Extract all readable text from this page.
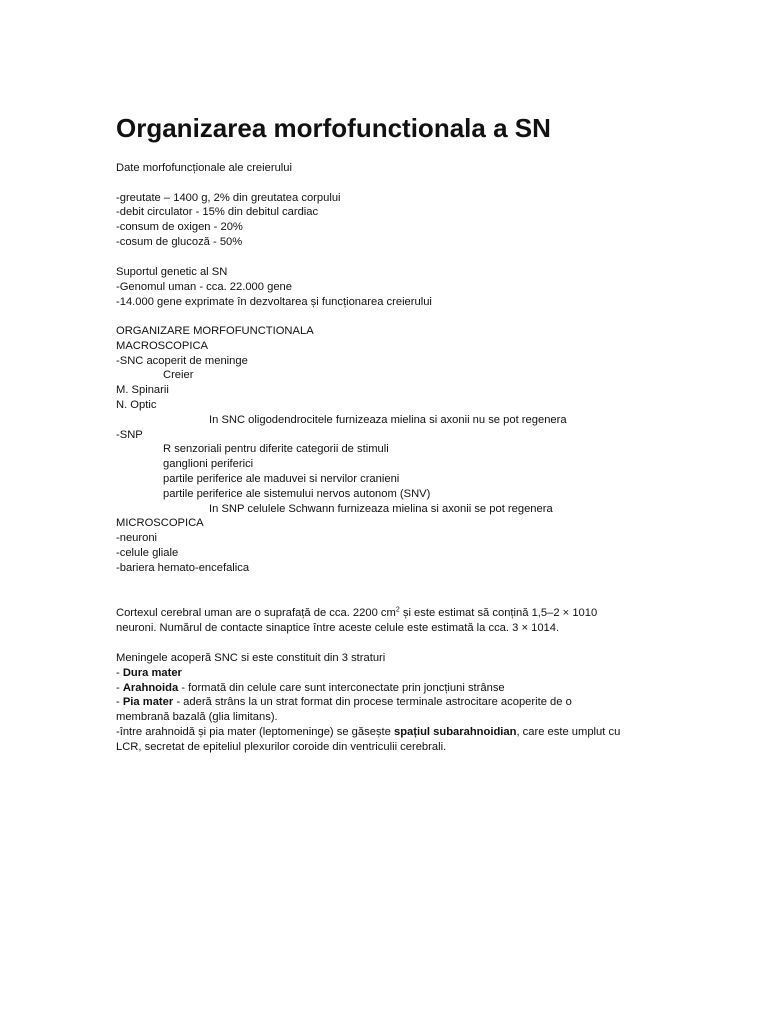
Organizarea morfofunctionala a SN
Date morfofuncționale ale creierului
-greutate – 1400 g, 2% din greutatea corpului
-debit circulator - 15% din debitul cardiac
-consum de oxigen - 20%
-cosum de glucoză - 50%
Suportul genetic al SN
-Genomul uman - cca. 22.000 gene
-14.000 gene exprimate în dezvoltarea și funcționarea creierului
ORGANIZARE MORFOFUNCTIONALA
MACROSCOPICA
-SNC acoperit de meninge
Creier
M. Spinarii
N. Optic
In SNC oligodendrocitele furnizeaza mielina si axonii nu se pot regenera
-SNP
R senzoriali pentru diferite categorii de stimuli
ganglioni periferici
partile periferice ale maduvei si nervilor cranieni
partile periferice ale sistemului nervos autonom (SNV)
In SNP celulele Schwann furnizeaza mielina si axonii se pot regenera
MICROSCOPICA
-neuroni
-celule gliale
-bariera hemato-encefalica
Cortexul cerebral uman are o suprafață de cca. 2200 $cm^2$ și este estimat să conțină 1,5–2 × 1010
neuroni. Numărul de contacte sinaptice între aceste celule este estimată la cca. 3 × 1014.
Meningele acoperă SNC si este constituit din 3 straturi
- Dura mater
- Arahnoida - formată din celule care sunt interconectate prin joncțiuni strânse
- Pia mater - aderă strâns la un strat format din procese terminale astrocitare acoperite de o
membrană bazală (glia limitans).
-între arahnoidă și pia mater (leptomeninge) se găsește spațiul subarahnoidian, care este umplut cu
LCR, secretat de epiteliul plexurilor coroide din ventriculii cerebrali.
